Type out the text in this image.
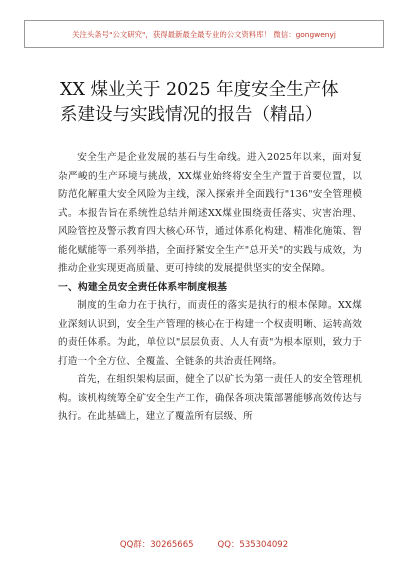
关注头条号"公文研究"，获得最新最全最专业的公文资料库！ 微信：gongwenyj
XX 煤业关于 2025 年度安全生产体

系建设与实践情况的报告（精品）

安全生产是企业发展的基石与生命线。进入2025年以来，面对复杂严峻的生产环境与挑战，XX煤业始终将安全生产置于首要位置，以防范化解重大安全风险为主线，深入探索并全面践行"136"安全管理模式。本报告旨在系统性总结并阐述XX煤业围绕责任落实、灾害治理、风险管控及警示教育四大核心环节，通过体系化构建、精准化施策、智能化赋能等一系列举措，全面抒紧安全生产"总开关"的实践与成效，为推动企业实现更高质量、更可持续的发展提供坚实的安全保障。

一、构建全员安全责任体系牢制度根基

制度的生命力在于执行，而责任的落实是执行的根本保障。XX煤业深刻认识到，安全生产管理的核心在于构建一个权责明晰、运转高效的责任体系。为此，单位以"层层负责、人人有责"为根本原则，致力于打造一个全方位、全覆盖、全链条的共治责任网络。

首先，在组织架构层面，健全了以矿长为第一责任人的安全管理机构。该机构统筹全矿安全生产工作，确保各项决策部署能够高效传达与执行。在此基础上，建立了覆盖所有层级、所

QQ群：30265665	QQ：535304092
